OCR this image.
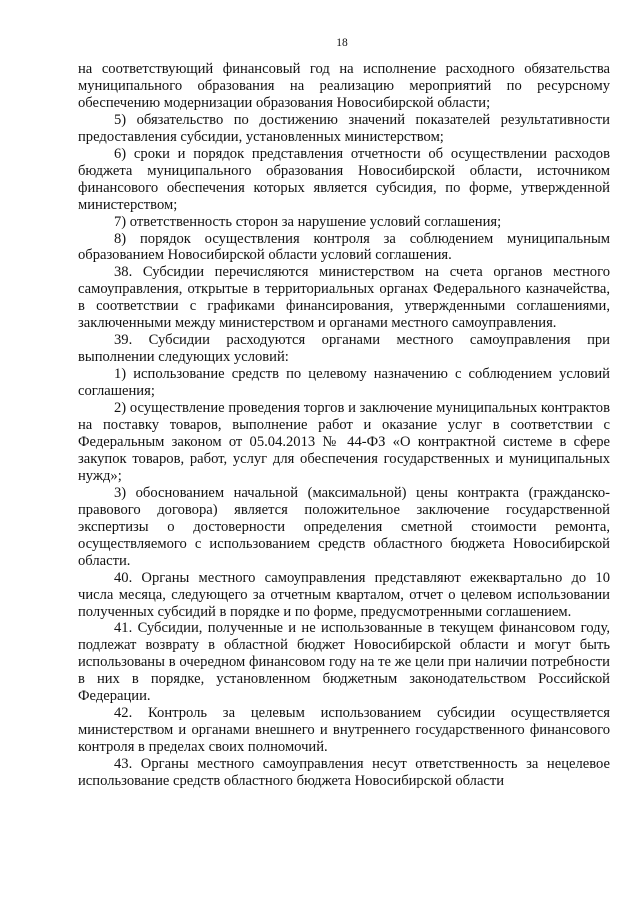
18

на соответствующий финансовый год на исполнение расходного обязательства муниципального образования на реализацию мероприятий по ресурсному обеспечению модернизации образования Новосибирской области;

5) обязательство по достижению значений показателей результативности предоставления субсидии, установленных министерством;

6) сроки и порядок представления отчетности об осуществлении расходов бюджета муниципального образования Новосибирской области, источником финансового обеспечения которых является субсидия, по форме, утвержденной министерством;

7) ответственность сторон за нарушение условий соглашения;

8) порядок осуществления контроля за соблюдением муниципальным образованием Новосибирской области условий соглашения.

38. Субсидии перечисляются министерством на счета органов местного самоуправления, открытые в территориальных органах Федерального казначейства, в соответствии с графиками финансирования, утвержденными соглашениями, заключенными между министерством и органами местного самоуправления.

39. Субсидии расходуются органами местного самоуправления при выполнении следующих условий:

1) использование средств по целевому назначению с соблюдением условий соглашения;

2) осуществление проведения торгов и заключение муниципальных контрактов на поставку товаров, выполнение работ и оказание услуг в соответствии с Федеральным законом от 05.04.2013 № 44-ФЗ «О контрактной системе в сфере закупок товаров, работ, услуг для обеспечения государственных и муниципальных нужд»;

3) обоснованием начальной (максимальной) цены контракта (гражданско-правового договора) является положительное заключение государственной экспертизы о достоверности определения сметной стоимости ремонта, осуществляемого с использованием средств областного бюджета Новосибирской области.

40. Органы местного самоуправления представляют ежеквартально до 10 числа месяца, следующего за отчетным кварталом, отчет о целевом использовании полученных субсидий в порядке и по форме, предусмотренными соглашением.

41. Субсидии, полученные и не использованные в текущем финансовом году, подлежат возврату в областной бюджет Новосибирской области и могут быть использованы в очередном финансовом году на те же цели при наличии потребности в них в порядке, установленном бюджетным законодательством Российской Федерации.

42. Контроль за целевым использованием субсидии осуществляется министерством и органами внешнего и внутреннего государственного финансового контроля в пределах своих полномочий.

43. Органы местного самоуправления несут ответственность за нецелевое использование средств областного бюджета Новосибирской области
